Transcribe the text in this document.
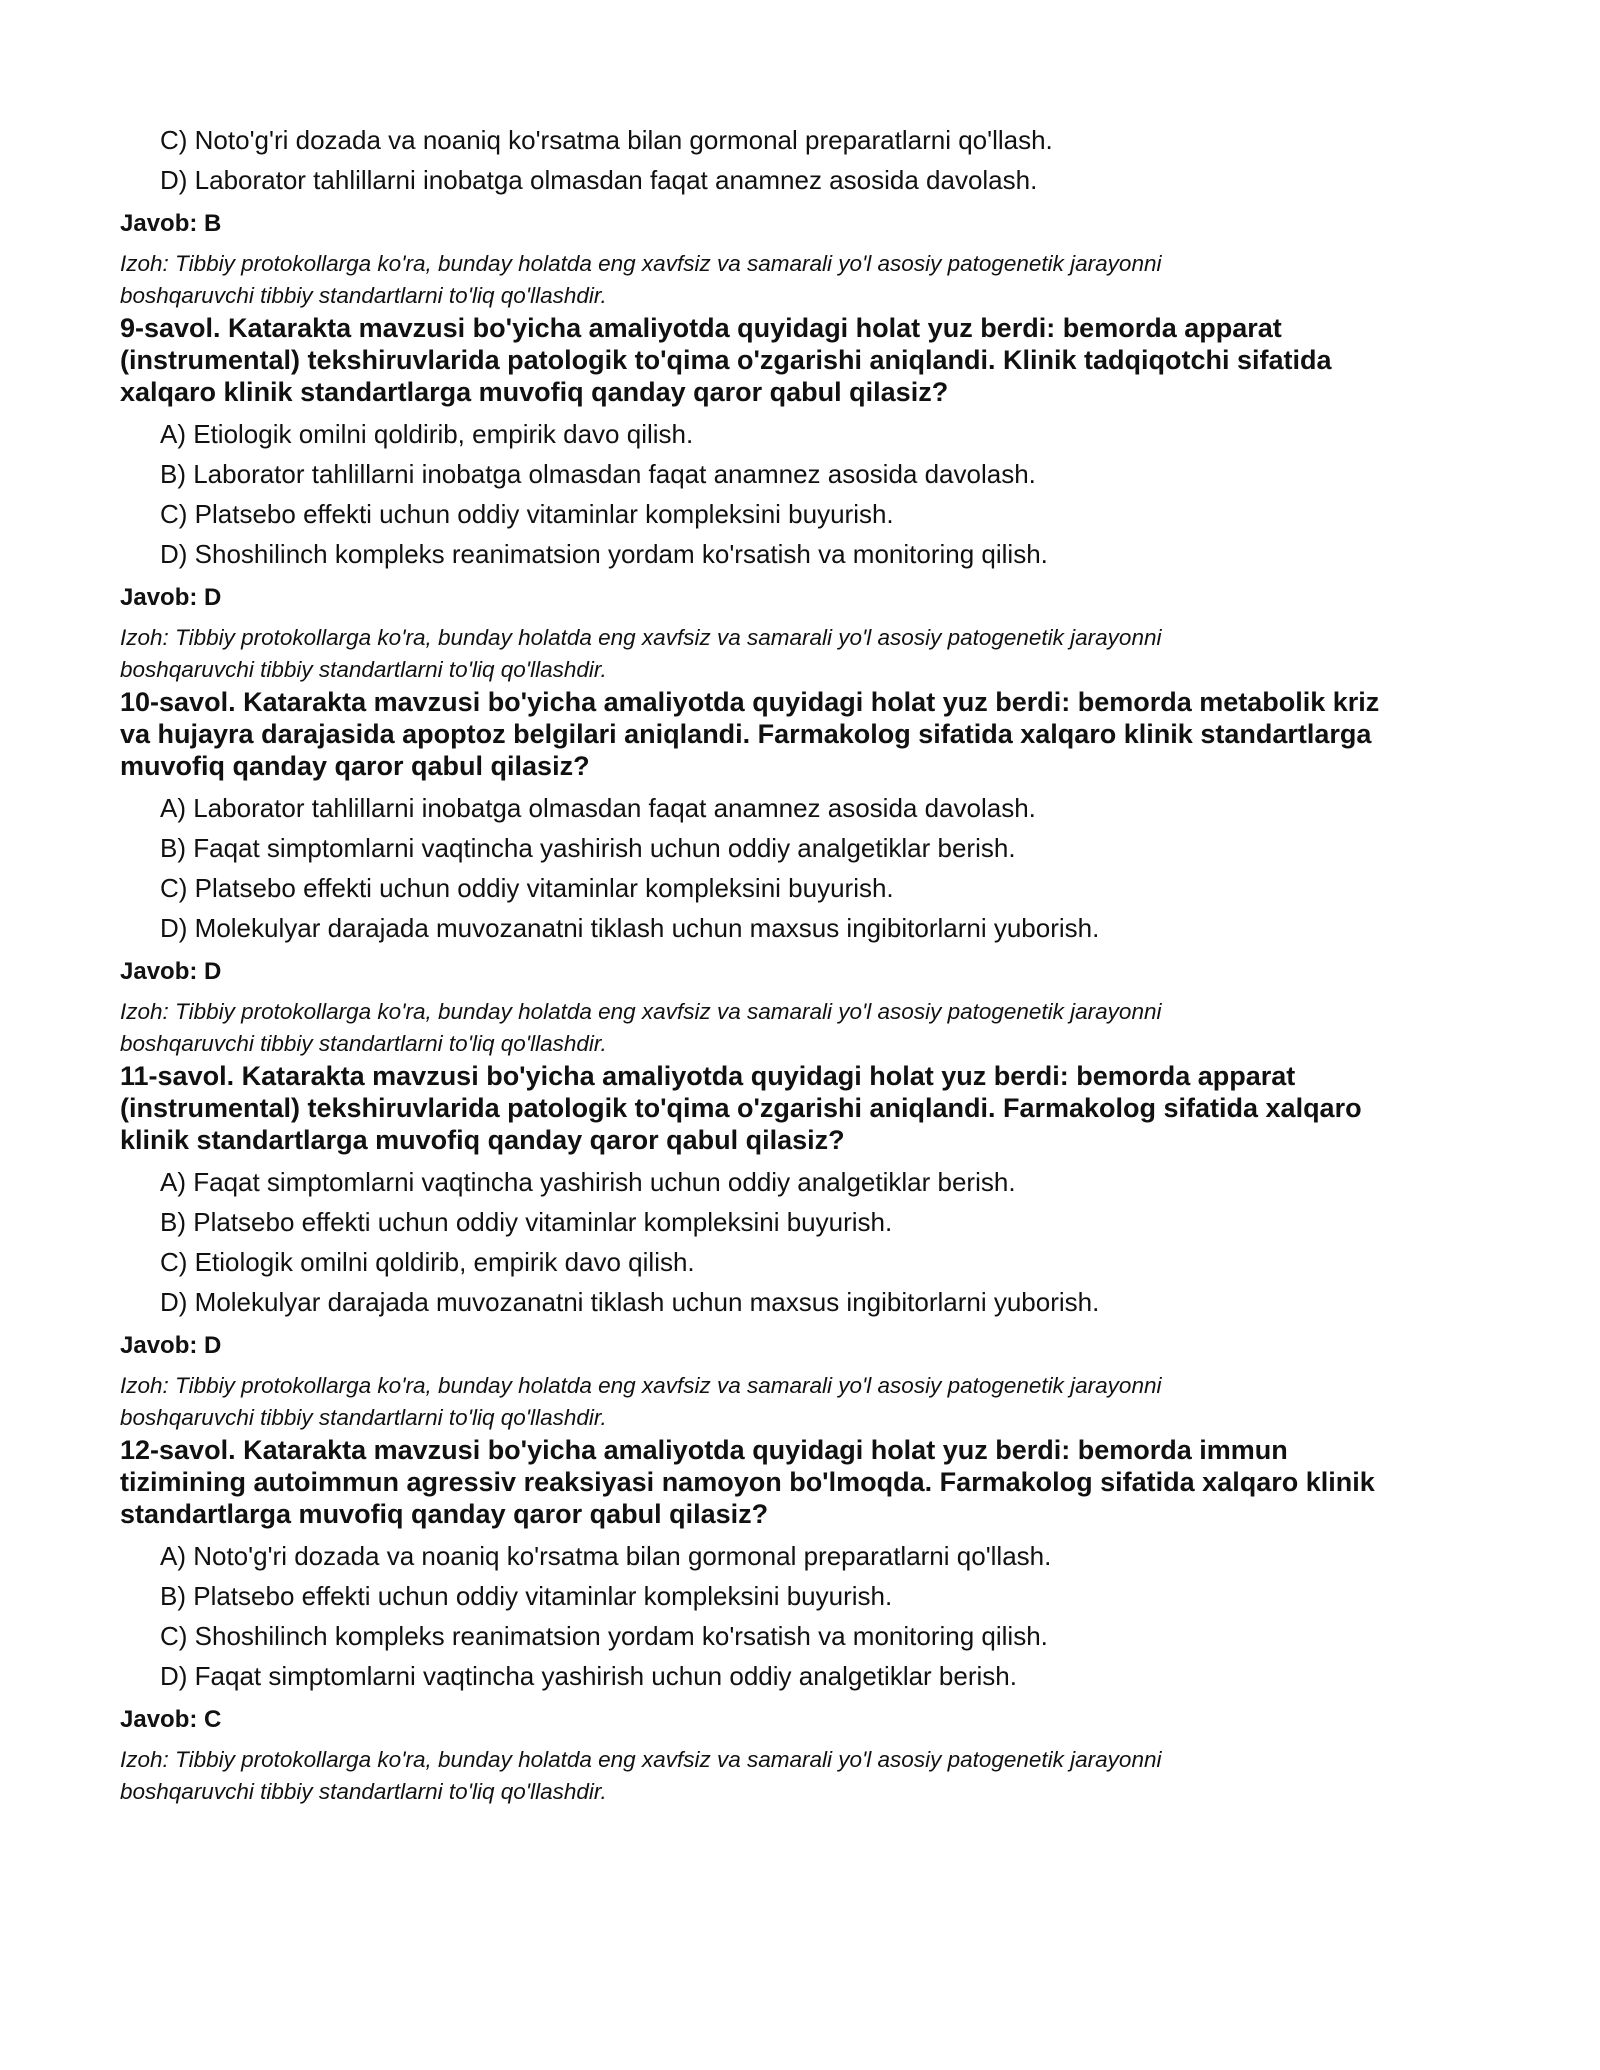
C) Noto'g'ri dozada va noaniq ko'rsatma bilan gormonal preparatlarni qo'llash.

D) Laborator tahlillarni inobatga olmasdan faqat anamnez asosida davolash.

Javob: B

Izoh: Tibbiy protokollarga ko'ra, bunday holatda eng xavfsiz va samarali yo'l asosiy patogenetik jarayonni

boshqaruvchi tibbiy standartlarni to'liq qo'llashdir.

9-savol. Katarakta mavzusi bo'yicha amaliyotda quyidagi holat yuz berdi: bemorda apparat
(instrumental) tekshiruvlarida patologik to'qima o'zgarishi aniqlandi. Klinik tadqiqotchi sifatida
xalqaro klinik standartlarga muvofiq qanday qaror qabul qilasiz?

A) Etiologik omilni qoldirib, empirik davo qilish.

B) Laborator tahlillarni inobatga olmasdan faqat anamnez asosida davolash.

C) Platsebo effekti uchun oddiy vitaminlar kompleksini buyurish.

D) Shoshilinch kompleks reanimatsion yordam ko'rsatish va monitoring qilish.

Javob: D

Izoh: Tibbiy protokollarga ko'ra, bunday holatda eng xavfsiz va samarali yo'l asosiy patogenetik jarayonni

boshqaruvchi tibbiy standartlarni to'liq qo'llashdir.

10-savol. Katarakta mavzusi bo'yicha amaliyotda quyidagi holat yuz berdi: bemorda metabolik kriz
va hujayra darajasida apoptoz belgilari aniqlandi. Farmakolog sifatida xalqaro klinik standartlarga
muvofiq qanday qaror qabul qilasiz?

A) Laborator tahlillarni inobatga olmasdan faqat anamnez asosida davolash.

B) Faqat simptomlarni vaqtincha yashirish uchun oddiy analgetiklar berish.

C) Platsebo effekti uchun oddiy vitaminlar kompleksini buyurish.

D) Molekulyar darajada muvozanatni tiklash uchun maxsus ingibitorlarni yuborish.

Javob: D

Izoh: Tibbiy protokollarga ko'ra, bunday holatda eng xavfsiz va samarali yo'l asosiy patogenetik jarayonni

boshqaruvchi tibbiy standartlarni to'liq qo'llashdir.

11-savol. Katarakta mavzusi bo'yicha amaliyotda quyidagi holat yuz berdi: bemorda apparat
(instrumental) tekshiruvlarida patologik to'qima o'zgarishi aniqlandi. Farmakolog sifatida xalqaro
klinik standartlarga muvofiq qanday qaror qabul qilasiz?

A) Faqat simptomlarni vaqtincha yashirish uchun oddiy analgetiklar berish.

B) Platsebo effekti uchun oddiy vitaminlar kompleksini buyurish.

C) Etiologik omilni qoldirib, empirik davo qilish.

D) Molekulyar darajada muvozanatni tiklash uchun maxsus ingibitorlarni yuborish.

Javob: D

Izoh: Tibbiy protokollarga ko'ra, bunday holatda eng xavfsiz va samarali yo'l asosiy patogenetik jarayonni

boshqaruvchi tibbiy standartlarni to'liq qo'llashdir.

12-savol. Katarakta mavzusi bo'yicha amaliyotda quyidagi holat yuz berdi: bemorda immun
tizimining autoimmun agressiv reaksiyasi namoyon bo'lmoqda. Farmakolog sifatida xalqaro klinik
standartlarga muvofiq qanday qaror qabul qilasiz?

A) Noto'g'ri dozada va noaniq ko'rsatma bilan gormonal preparatlarni qo'llash.

B) Platsebo effekti uchun oddiy vitaminlar kompleksini buyurish.

C) Shoshilinch kompleks reanimatsion yordam ko'rsatish va monitoring qilish.

D) Faqat simptomlarni vaqtincha yashirish uchun oddiy analgetiklar berish.

Javob: C

Izoh: Tibbiy protokollarga ko'ra, bunday holatda eng xavfsiz va samarali yo'l asosiy patogenetik jarayonni

boshqaruvchi tibbiy standartlarni to'liq qo'llashdir.
